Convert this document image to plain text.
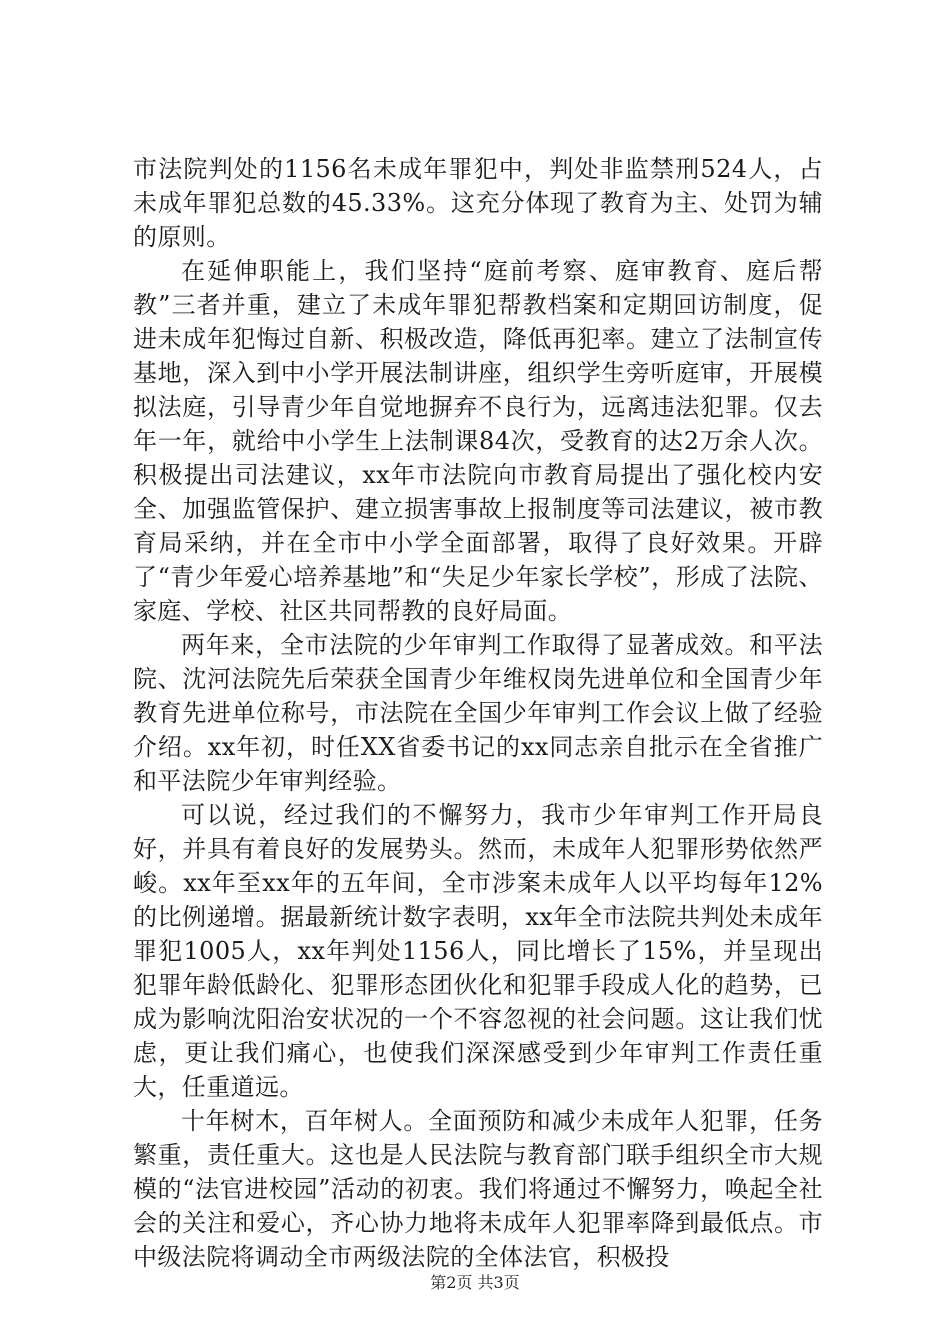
市法院判处的1156名未成年罪犯中，判处非监禁刑524人，占未成年罪犯总数的45.33%。这充分体现了教育为主、处罚为辅的原则。

在延伸职能上，我们坚持“庭前考察、庭审教育、庭后帮教”三者并重，建立了未成年罪犯帮教档案和定期回访制度，促进未成年犯悔过自新、积极改造，降低再犯率。建立了法制宣传基地，深入到中小学开展法制讲座，组织学生旁听庭审，开展模拟法庭，引导青少年自觉地摒弃不良行为，远离违法犯罪。仅去年一年，就给中小学生上法制课84次，受教育的达2万余人次。积极提出司法建议，xx年市法院向市教育局提出了强化校内安全、加强监管保护、建立损害事故上报制度等司法建议，被市教育局采纳，并在全市中小学全面部署，取得了良好效果。开辟了“青少年爱心培养基地”和“失足少年家长学校”，形成了法院、家庭、学校、社区共同帮教的良好局面。

两年来，全市法院的少年审判工作取得了显著成效。和平法院、沈河法院先后荣获全国青少年维权岗先进单位和全国青少年教育先进单位称号，市法院在全国少年审判工作会议上做了经验介绍。xx年初，时任XX省委书记的xx同志亲自批示在全省推广和平法院少年审判经验。

可以说，经过我们的不懈努力，我市少年审判工作开局良好，并具有着良好的发展势头。然而，未成年人犯罪形势依然严峻。xx年至xx年的五年间，全市涉案未成年人以平均每年12%的比例递增。据最新统计数字表明，xx年全市法院共判处未成年罪犯1005人，xx年判处1156人，同比增长了15%，并呈现出犯罪年龄低龄化、犯罪形态团伙化和犯罪手段成人化的趋势，已成为影响沈阳治安状况的一个不容忽视的社会问题。这让我们忧虑，更让我们痛心，也使我们深深感受到少年审判工作责任重大，任重道远。

十年树木，百年树人。全面预防和减少未成年人犯罪，任务繁重，责任重大。这也是人民法院与教育部门联手组织全市大规模的“法官进校园”活动的初衷。我们将通过不懈努力，唤起全社会的关注和爱心，齐心协力地将未成年人犯罪率降到最低点。市中级法院将调动全市两级法院的全体法官，积极投

第2页 共3页
